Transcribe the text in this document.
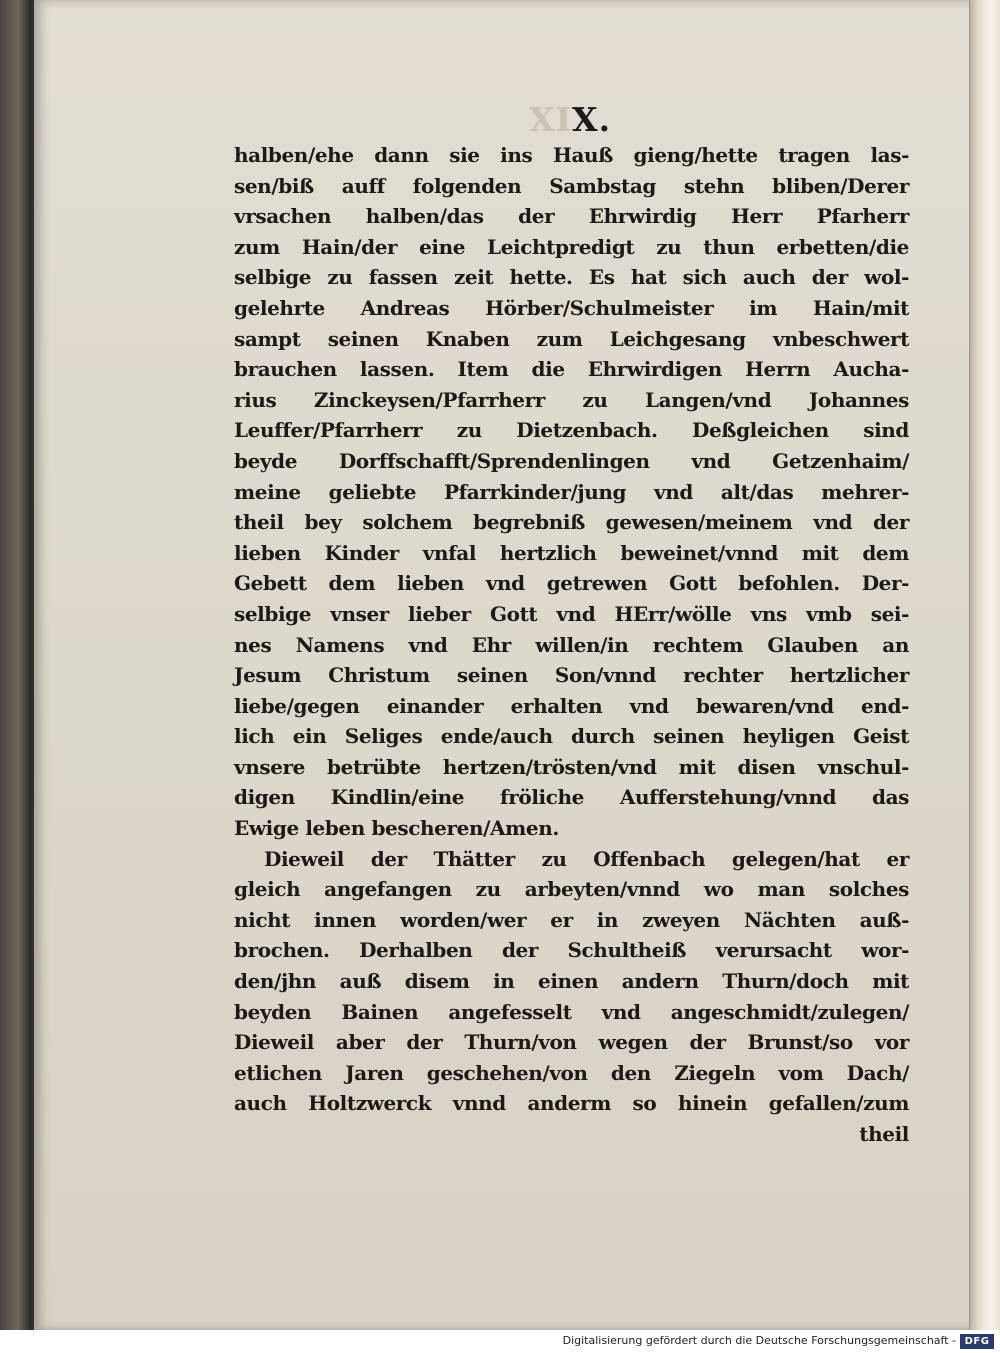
XIX.
halben/ehe dann sie ins Hauß gieng/hette tragen las-
sen/biß auff folgenden Sambstag stehn bliben/Derer
vrsachen halben/das der Ehrwirdig Herr Pfarherr
zum Hain/der eine Leichtpredigt zu thun erbetten/die
selbige zu fassen zeit hette. Es hat sich auch der wol-
gelehrte Andreas Hörber/Schulmeister im Hain/mit
sampt seinen Knaben zum Leichgesang vnbeschwert
brauchen lassen. Item die Ehrwirdigen Herrn Aucha-
rius Zinckeysen/Pfarrherr zu Langen/vnd Johannes
Leuffer/Pfarrherr zu Dietzenbach. Deßgleichen sind
beyde Dorffschafft/Sprendenlingen vnd Getzenhaim/
meine geliebte Pfarrkinder/jung vnd alt/das mehrer-
theil bey solchem begrebniß gewesen/meinem vnd der
lieben Kinder vnfal hertzlich beweinet/vnnd mit dem
Gebett dem lieben vnd getrewen Gott befohlen. Der-
selbige vnser lieber Gott vnd HErr/wölle vns vmb sei-
nes Namens vnd Ehr willen/in rechtem Glauben an
Jesum Christum seinen Son/vnnd rechter hertzlicher
liebe/gegen einander erhalten vnd bewaren/vnd end-
lich ein Seliges ende/auch durch seinen heyligen Geist
vnsere betrübte hertzen/trösten/vnd mit disen vnschul-
digen Kindlin/eine fröliche Aufferstehung/vnnd das
Ewige leben bescheren/Amen.
Dieweil der Thätter zu Offenbach gelegen/hat er
gleich angefangen zu arbeyten/vnnd wo man solches
nicht innen worden/wer er in zweyen Nächten auß-
brochen. Derhalben der Schultheiß verursacht wor-
den/jhn auß disem in einen andern Thurn/doch mit
beyden Bainen angefesselt vnd angeschmidt/zulegen/
Dieweil aber der Thurn/von wegen der Brunst/so vor
etlichen Jaren geschehen/von den Ziegeln vom Dach/
auch Holtzwerck vnnd anderm so hinein gefallen/zum
theil
Digitalisierung gefördert durch die Deutsche Forschungsgemeinschaft - DFG
